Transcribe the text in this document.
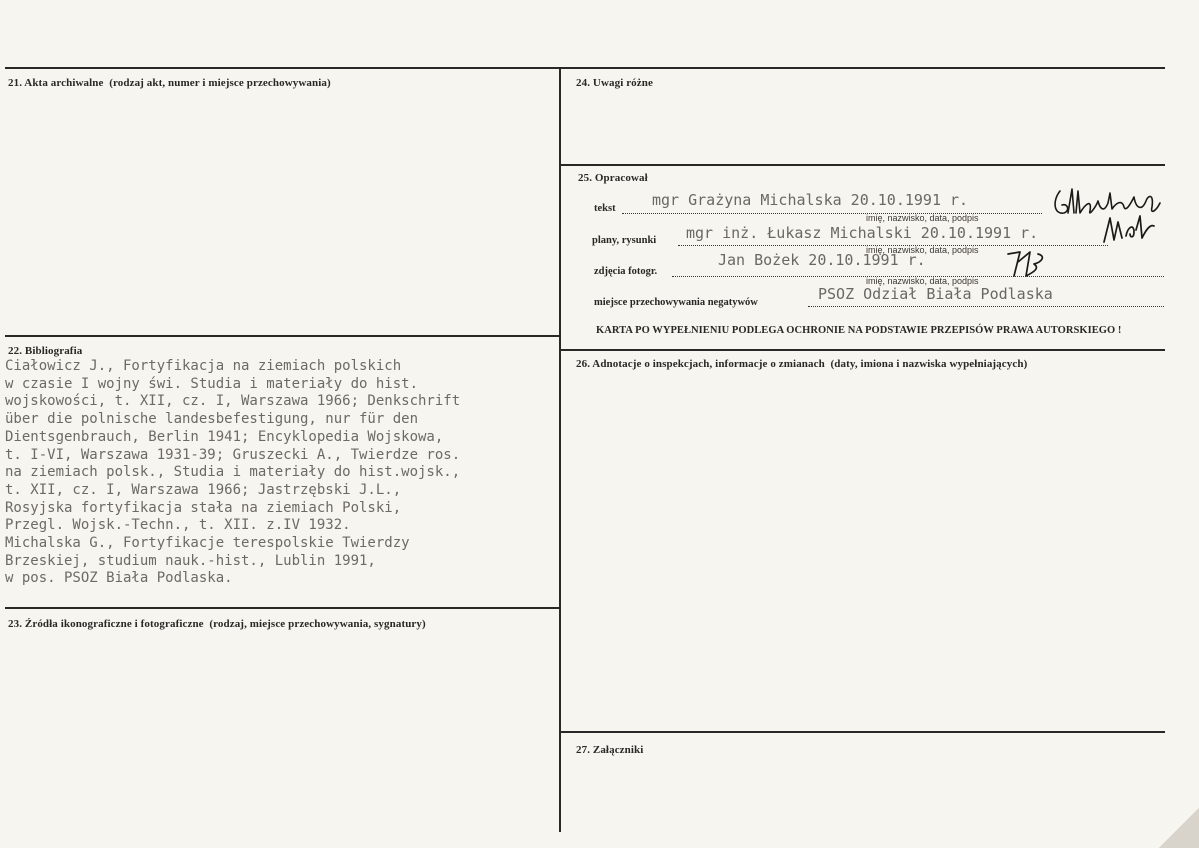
21. Akta archiwalne (rodzaj akt, numer i miejsce przechowywania)
22. Bibliografia
Ciałowicz J., Fortyfikacja na ziemiach polskich
w czasie I wojny świ. Studia i materiały do hist.
wojskowości, t. XII, cz. I, Warszawa 1966; Denkschrift
über die polnische landesbefestigung, nur für den
Dientsgenbrauch, Berlin 1941; Encyklopedia Wojskowa,
t. I-VI, Warszawa 1931-39; Gruszecki A., Twierdze ros.
na ziemiach polsk., Studia i materiały do hist.wojsk.,
t. XII, cz. I, Warszawa 1966; Jastrzębski J.L.,
Rosyjska fortyfikacja stała na ziemiach Polski,
Przegl. Wojsk.-Techn., t. XII. z.IV 1932.
Michalska G., Fortyfikacje terespolskie Twierdzy
Brzeskiej, studium nauk.-hist., Lublin 1991,
w pos. PSOZ Biała Podlaska.
23. Źródła ikonograficzne i fotograficzne (rodzaj, miejsce przechowywania, sygnatury)
24. Uwagi różne
25. Opracował
tekst mgr Grażyna Michalska 20.10.1991 r.
imię, nazwisko, data, podpis
plany, rysunki mgr inż. Łukasz Michalski 20.10.1991 r.
imię, nazwisko, data, podpis
zdjęcia fotogr.
Jan Bożek 20.10.1991 r.
imię, nazwisko, data, podpis
miejsce przechowywania negatywów	PSOZ Odział Biała Podlaska
KARTA PO WYPEŁNIENIU PODLEGA OCHRONIE NA PODSTAWIE PRZEPISÓW PRAWA AUTORSKIEGO !
26. Adnotacje o inspekcjach, informacje o zmianach (daty, imiona i nazwiska wypełniających)
27. Załączniki
